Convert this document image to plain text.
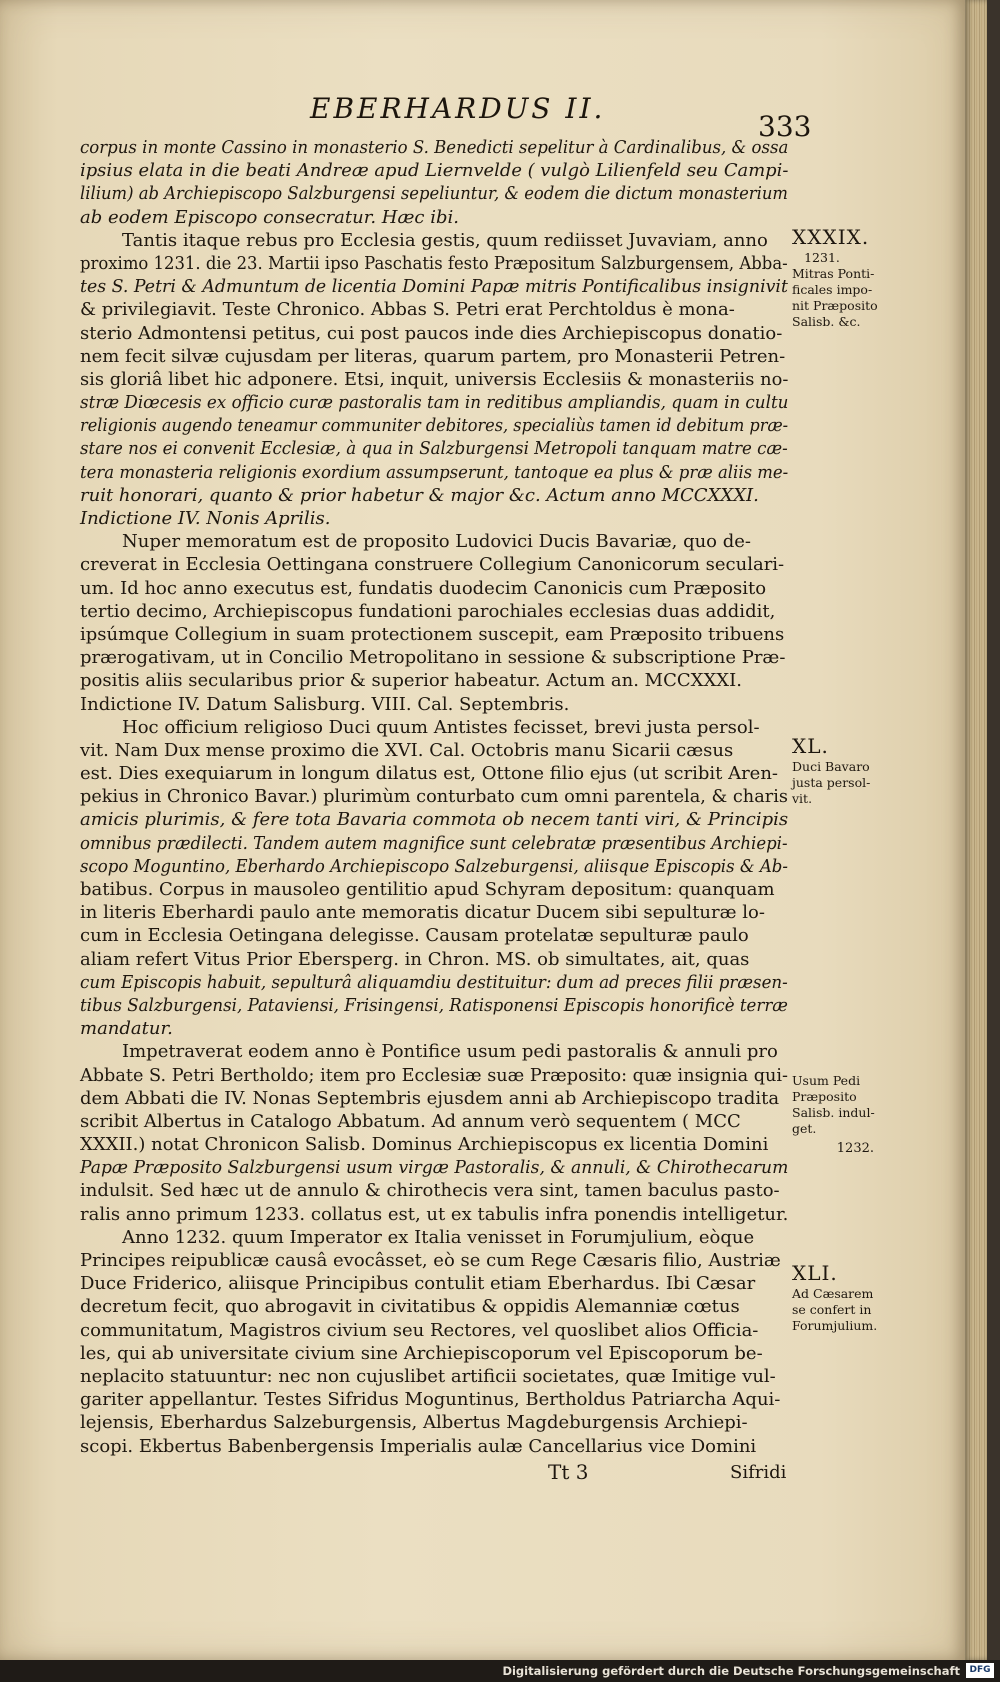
EBERHARDUS II.
333
corpus in monte Cassino in monasterio S. Benedicti sepelitur à Cardinalibus, & ossa
ipsius elata in die beati Andreæ apud Liernvelde ( vulgò Lilienfeld seu Campi-
lilium) ab Archiepiscopo Salzburgensi sepeliuntur, & eodem die dictum monasterium
ab eodem Episcopo consecratur. Hæc ibi.
Tantis itaque rebus pro Ecclesia gestis, quum rediisset Juvaviam, anno
proximo 1231. die 23. Martii ipso Paschatis festo Præpositum Salzburgensem, Abba-
tes S. Petri & Admuntum de licentia Domini Papæ mitris Pontificalibus insignivit
& privilegiavit. Teste Chronico. Abbas S. Petri erat Perchtoldus è mona-
sterio Admontensi petitus, cui post paucos inde dies Archiepiscopus donatio-
nem fecit silvæ cujusdam per literas, quarum partem, pro Monasterii Petren-
sis gloriâ libet hic adponere. Etsi, inquit, universis Ecclesiis & monasteriis no-
stræ Diœcesis ex officio curæ pastoralis tam in reditibus ampliandis, quam in cultu
religionis augendo teneamur communiter debitores, specialiùs tamen id debitum præ-
stare nos ei convenit Ecclesiæ, à qua in Salzburgensi Metropoli tanquam matre cæ-
tera monasteria religionis exordium assumpserunt, tantoque ea plus & præ aliis me-
ruit honorari, quanto & prior habetur & major &c. Actum anno MCCXXXI.
Indictione IV. Nonis Aprilis.
Nuper memoratum est de proposito Ludovici Ducis Bavariæ, quo de-
creverat in Ecclesia Oettingana construere Collegium Canonicorum seculari-
um. Id hoc anno executus est, fundatis duodecim Canonicis cum Præposito
tertio decimo, Archiepiscopus fundationi parochiales ecclesias duas addidit,
ipsúmque Collegium in suam protectionem suscepit, eam Præposito tribuens
prærogativam, ut in Concilio Metropolitano in sessione & subscriptione Præ-
positis aliis secularibus prior & superior habeatur. Actum an. MCCXXXI.
Indictione IV. Datum Salisburg. VIII. Cal. Septembris.
Hoc officium religioso Duci quum Antistes fecisset, brevi justa persol-
vit. Nam Dux mense proximo die XVI. Cal. Octobris manu Sicarii cæsus
est. Dies exequiarum in longum dilatus est, Ottone filio ejus (ut scribit Aren-
pekius in Chronico Bavar.) plurimùm conturbato cum omni parentela, & charis
amicis plurimis, & fere tota Bavaria commota ob necem tanti viri, & Principis
omnibus prædilecti. Tandem autem magnifice sunt celebratæ præsentibus Archiepi-
scopo Moguntino, Eberhardo Archiepiscopo Salzeburgensi, aliisque Episcopis & Ab-
batibus. Corpus in mausoleo gentilitio apud Schyram depositum: quanquam
in literis Eberhardi paulo ante memoratis dicatur Ducem sibi sepulturæ lo-
cum in Ecclesia Oetingana delegisse. Causam protelatæ sepulturæ paulo
aliam refert Vitus Prior Ebersperg. in Chron. MS. ob simultates, ait, quas
cum Episcopis habuit, sepulturâ aliquamdiu destituitur: dum ad preces filii præsen-
tibus Salzburgensi, Pataviensi, Frisingensi, Ratisponensi Episcopis honorificè terræ
mandatur.
Impetraverat eodem anno è Pontifice usum pedi pastoralis & annuli pro
Abbate S. Petri Bertholdo; item pro Ecclesiæ suæ Præposito: quæ insignia qui-
dem Abbati die IV. Nonas Septembris ejusdem anni ab Archiepiscopo tradita
scribit Albertus in Catalogo Abbatum. Ad annum verò sequentem ( MCC
XXXII.) notat Chronicon Salisb. Dominus Archiepiscopus ex licentia Domini
Papæ Præposito Salzburgensi usum virgæ Pastoralis, & annuli, & Chirothecarum
indulsit. Sed hæc ut de annulo & chirothecis vera sint, tamen baculus pasto-
ralis anno primum 1233. collatus est, ut ex tabulis infra ponendis intelligetur.
Anno 1232. quum Imperator ex Italia venisset in Forumjulium, eòque
Principes reipublicæ causâ evocâsset, eò se cum Rege Cæsaris filio, Austriæ
Duce Friderico, aliisque Principibus contulit etiam Eberhardus. Ibi Cæsar
decretum fecit, quo abrogavit in civitatibus & oppidis Alemanniæ cœtus
communitatum, Magistros civium seu Rectores, vel quoslibet alios Officia-
les, qui ab universitate civium sine Archiepiscoporum vel Episcoporum be-
neplacito statuuntur: nec non cujuslibet artificii societates, quæ Imitige vul-
gariter appellantur. Testes Sifridus Moguntinus, Bertholdus Patriarcha Aqui-
lejensis, Eberhardus Salzeburgensis, Albertus Magdeburgensis Archiepi-
scopi. Ekbertus Babenbergensis Imperialis aulæ Cancellarius vice Domini
XXXIX.
1231.
Mitras Ponti-
ficales impo-
nit Præposito
Salisb. &c.
XL.
Duci Bavaro
justa persol-
vit.
Usum Pedi
Præposito
Salisb. indul-
get.
1232.
XLI.
Ad Cæsarem
se confert in
Forumjulium.
Tt 3	Sifridi
Digitalisierung gefördert durch die Deutsche Forschungsgemeinschaft	DFG
